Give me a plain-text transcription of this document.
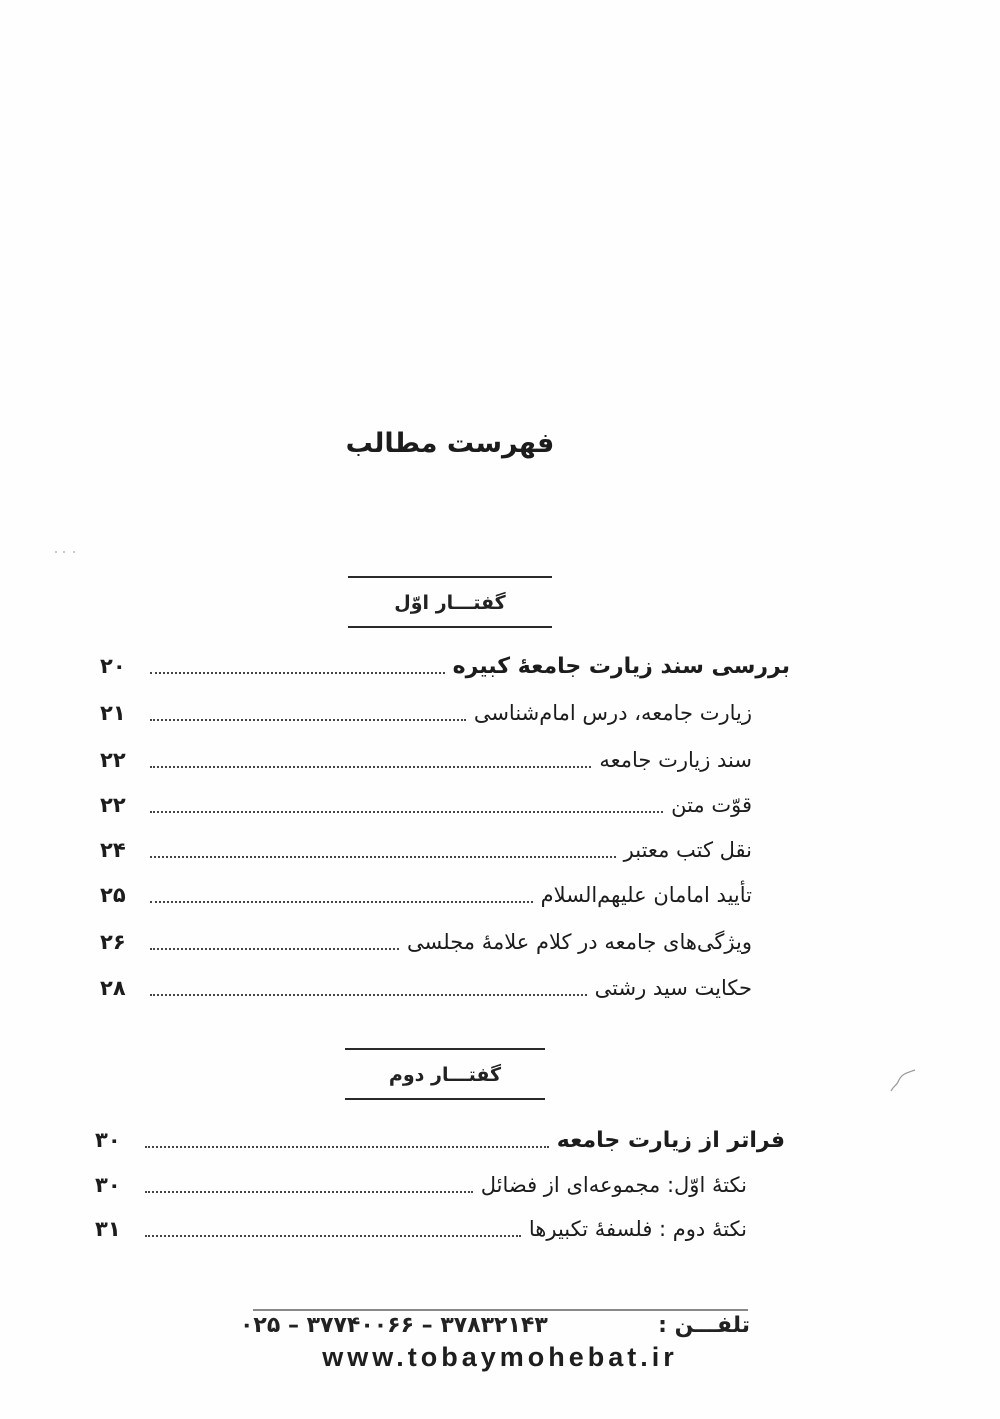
فهرست مطالب
گفتـــار اوّل
بررسی سند زیارت جامعۀ کبیره
۲۰
زیارت جامعه، درس امام‌شناسی
۲۱
سند زیارت جامعه
۲۲
قوّت متن
۲۲
نقل کتب معتبر
۲۴
تأیید امامان علیهم‌السلام
۲۵
ویژگی‌های جامعه در کلام علامۀ مجلسی
۲۶
حکایت سید رشتی
۲۸
گفتـــار دوم
فراتر از زیارت جامعه
۳۰
نکتۀ اوّل: مجموعه‌ای از فضائل
۳۰
نکتۀ دوم : فلسفۀ تکبیرها
۳۱
تلفـــن :
۰۲۵ – ۳۷۷۴۰۰۶۶ – ۳۷۸۳۲۱۴۳
www.tobaymohebat.ir
